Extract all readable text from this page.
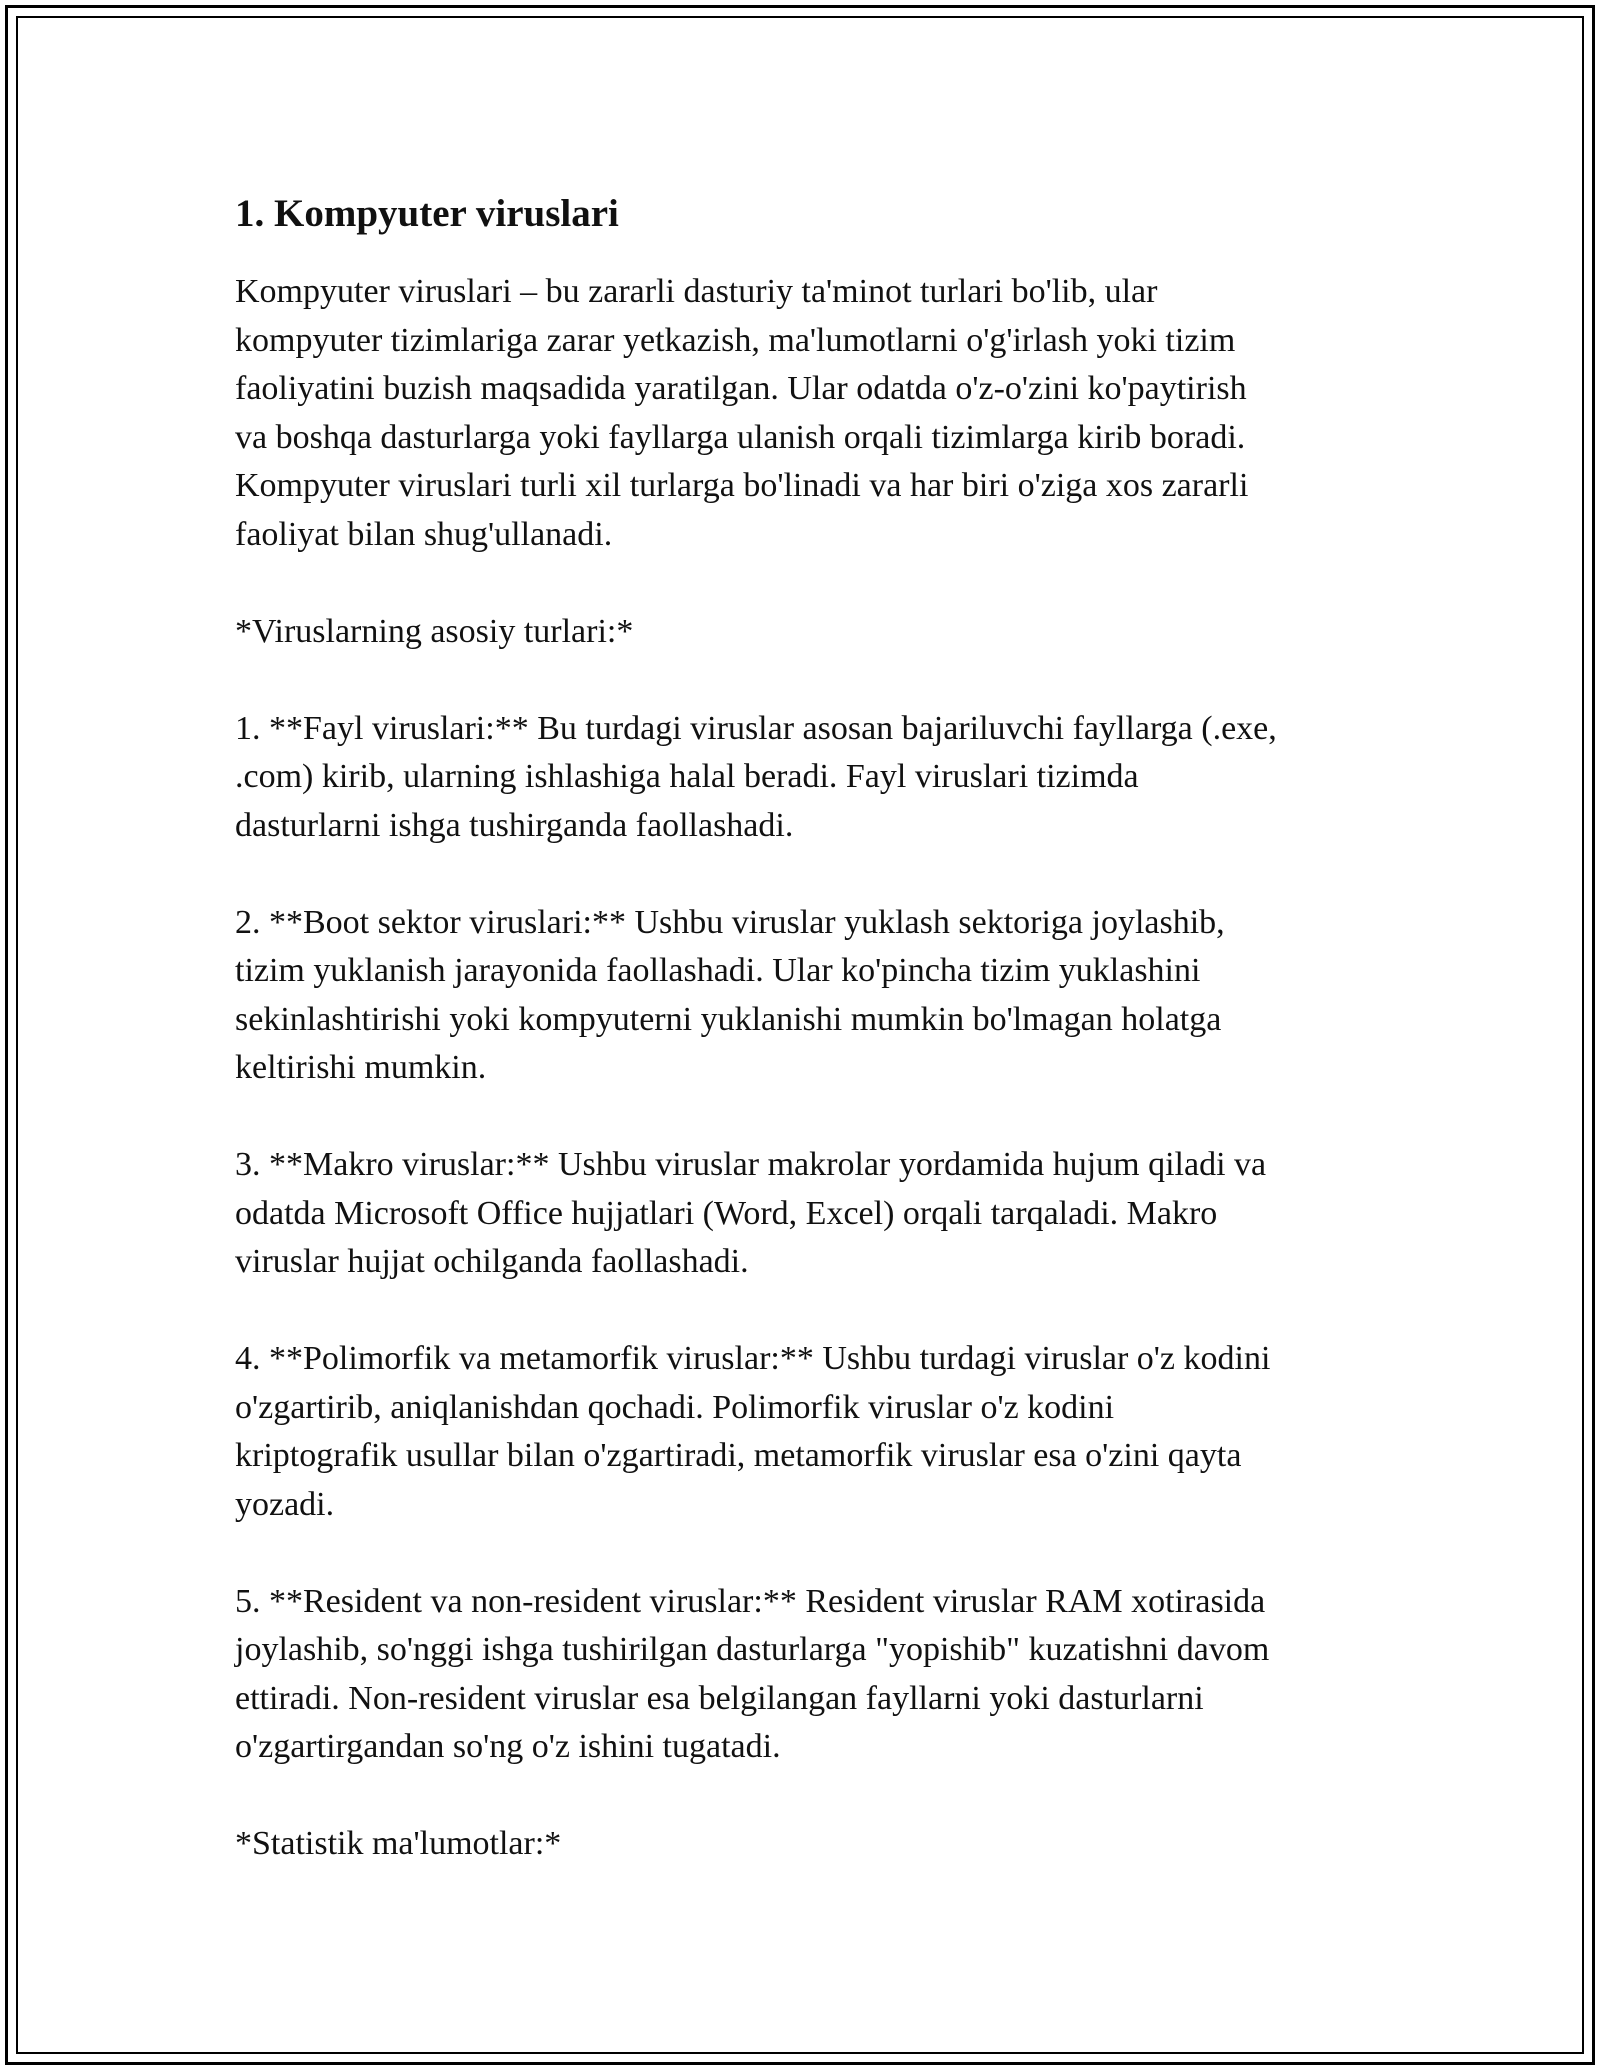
1. Kompyuter viruslari

Kompyuter viruslari – bu zararli dasturiy ta'minot turlari bo'lib, ular
kompyuter tizimlariga zarar yetkazish, ma'lumotlarni o'g'irlash yoki tizim
faoliyatini buzish maqsadida yaratilgan. Ular odatda o'z-o'zini ko'paytirish
va boshqa dasturlarga yoki fayllarga ulanish orqali tizimlarga kirib boradi.
Kompyuter viruslari turli xil turlarga bo'linadi va har biri o'ziga xos zararli
faoliyat bilan shug'ullanadi.

*Viruslarning asosiy turlari:*

1. **Fayl viruslari:** Bu turdagi viruslar asosan bajariluvchi fayllarga (.exe,
.com) kirib, ularning ishlashiga halal beradi. Fayl viruslari tizimda
dasturlarni ishga tushirganda faollashadi.

2. **Boot sektor viruslari:** Ushbu viruslar yuklash sektoriga joylashib,
tizim yuklanish jarayonida faollashadi. Ular ko'pincha tizim yuklashini
sekinlashtirishi yoki kompyuterni yuklanishi mumkin bo'lmagan holatga
keltirishi mumkin.

3. **Makro viruslar:** Ushbu viruslar makrolar yordamida hujum qiladi va
odatda Microsoft Office hujjatlari (Word, Excel) orqali tarqaladi. Makro
viruslar hujjat ochilganda faollashadi.

4. **Polimorfik va metamorfik viruslar:** Ushbu turdagi viruslar o'z kodini
o'zgartirib, aniqlanishdan qochadi. Polimorfik viruslar o'z kodini
kriptografik usullar bilan o'zgartiradi, metamorfik viruslar esa o'zini qayta
yozadi.

5. **Resident va non-resident viruslar:** Resident viruslar RAM xotirasida
joylashib, so'nggi ishga tushirilgan dasturlarga "yopishib" kuzatishni davom
ettiradi. Non-resident viruslar esa belgilangan fayllarni yoki dasturlarni
o'zgartirgandan so'ng o'z ishini tugatadi.

*Statistik ma'lumotlar:*
